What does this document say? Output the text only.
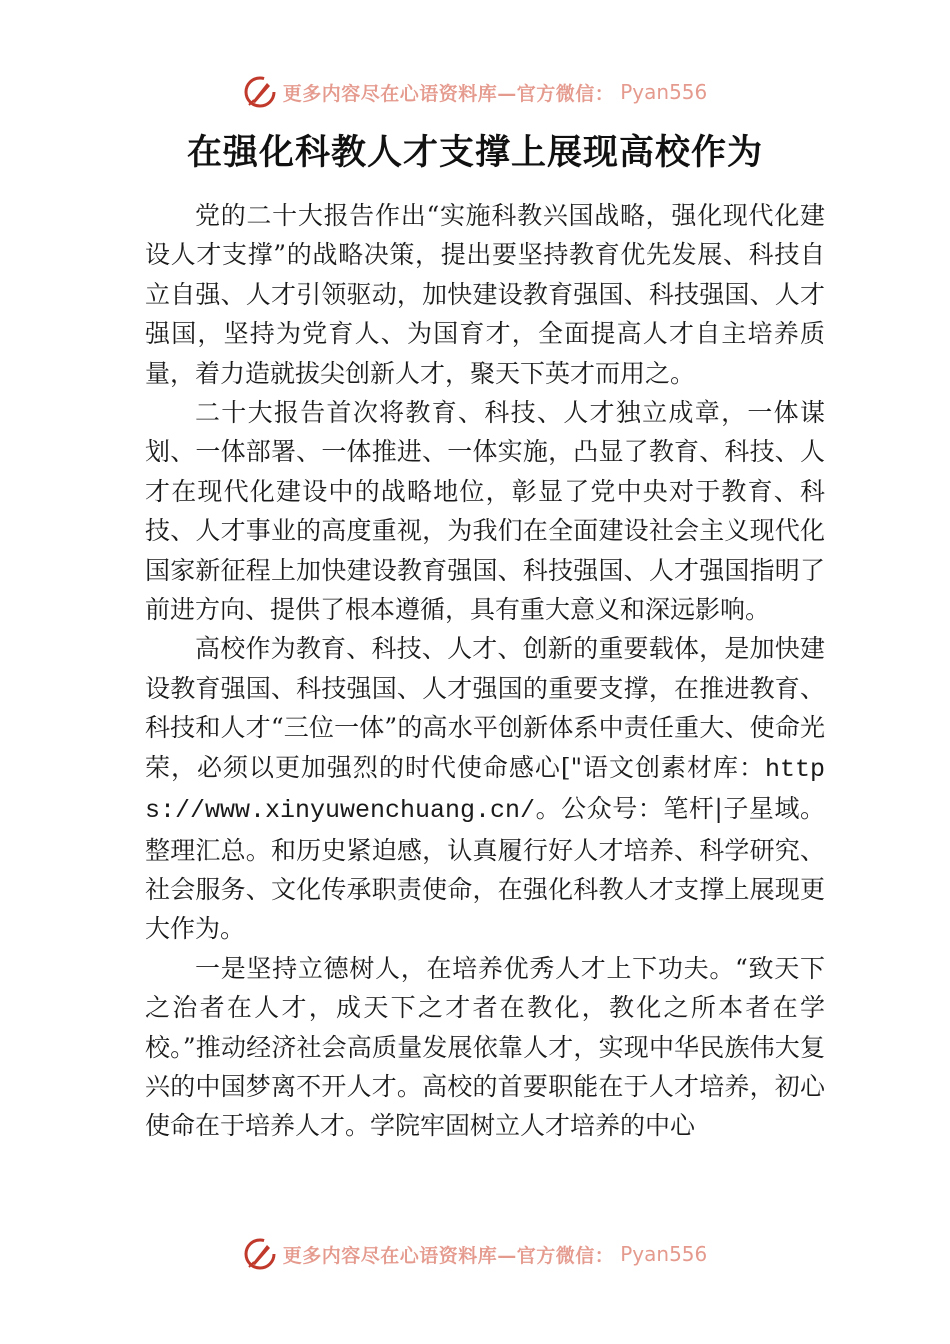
更多内容尽在心语资料库—官方微信： Pyan556
在强化科教人才支撑上展现高校作为

党的二十大报告作出“实施科教兴国战略，强化现代化建设人才支撑”的战略决策，提出要坚持教育优先发展、科技自立自强、人才引领驱动，加快建设教育强国、科技强国、人才强国，坚持为党育人、为国育才，全面提高人才自主培养质量，着力造就拔尖创新人才，聚天下英才而用之。

二十大报告首次将教育、科技、人才独立成章，一体谋划、一体部署、一体推进、一体实施，凸显了教育、科技、人才在现代化建设中的战略地位，彰显了党中央对于教育、科技、人才事业的高度重视，为我们在全面建设社会主义现代化国家新征程上加快建设教育强国、科技强国、人才强国指明了前进方向、提供了根本遵循，具有重大意义和深远影响。

高校作为教育、科技、人才、创新的重要载体，是加快建设教育强国、科技强国、人才强国的重要支撑，在推进教育、科技和人才“三位一体”的高水平创新体系中责任重大、使命光荣，必须以更加强烈的时代使命感心["语文创素材库：https://www.xinyuwenchuang.cn/。公众号：笔杆|子星域。整理汇总。和历史紧迫感，认真履行好人才培养、科学研究、社会服务、文化传承职责使命，在强化科教人才支撑上展现更大作为。

一是坚持立德树人，在培养优秀人才上下功夫。“致天下之治者在人才，成天下之才者在教化，教化之所本者在学校。”推动经济社会高质量发展依靠人才，实现中华民族伟大复兴的中国梦离不开人才。高校的首要职能在于人才培养，初心使命在于培养人才。学院牢固树立人才培养的中心

更多内容尽在心语资料库—官方微信： Pyan556
